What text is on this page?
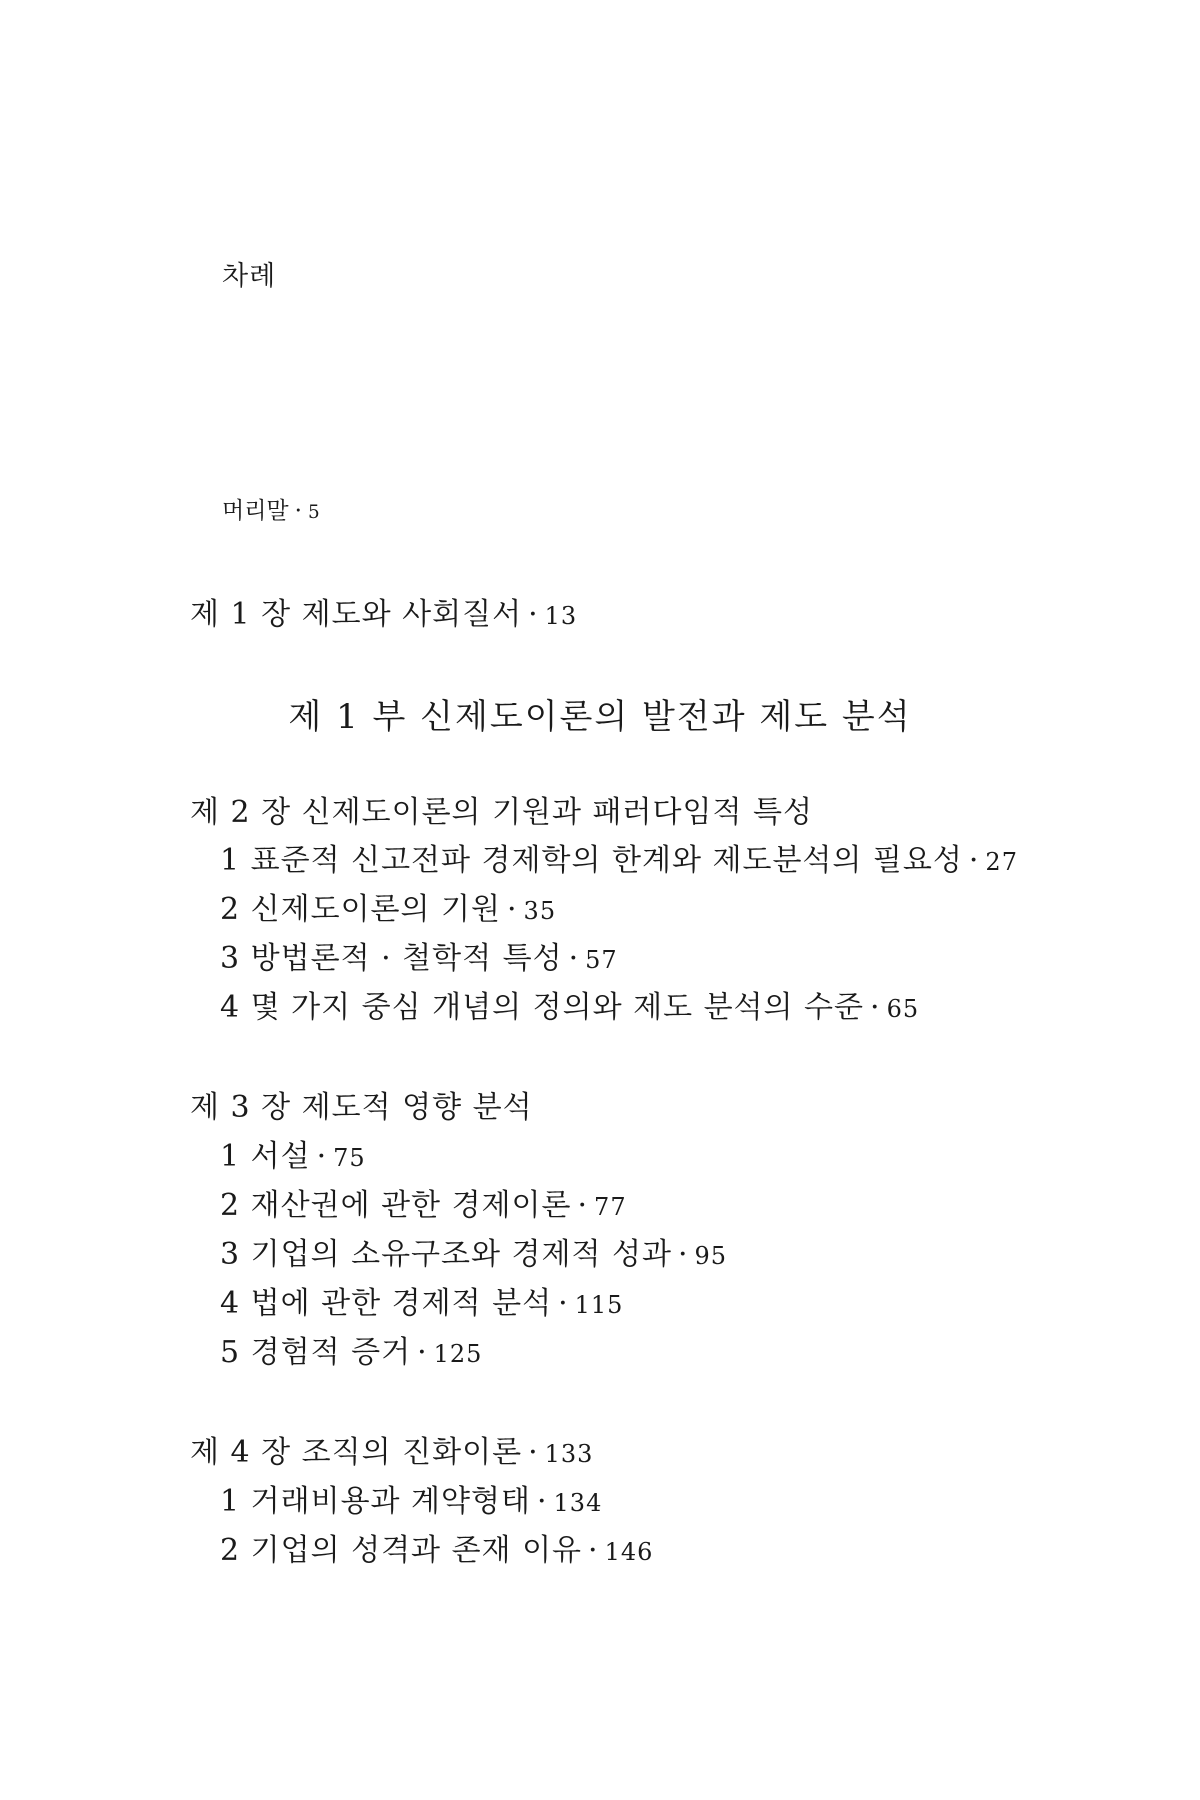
차례
머리말 · 5
제 1 장 제도와 사회질서 · 13
제 1 부 신제도이론의 발전과 제도 분석
제 2 장 신제도이론의 기원과 패러다임적 특성
1 표준적 신고전파 경제학의 한계와 제도분석의 필요성 · 27
2 신제도이론의 기원 · 35
3 방법론적 · 철학적 특성 · 57
4 몇 가지 중심 개념의 정의와 제도 분석의 수준 · 65
제 3 장 제도적 영향 분석
1 서설 · 75
2 재산권에 관한 경제이론 · 77
3 기업의 소유구조와 경제적 성과 · 95
4 법에 관한 경제적 분석 · 115
5 경험적 증거 · 125
제 4 장 조직의 진화이론 · 133
1 거래비용과 계약형태 · 134
2 기업의 성격과 존재 이유 · 146
